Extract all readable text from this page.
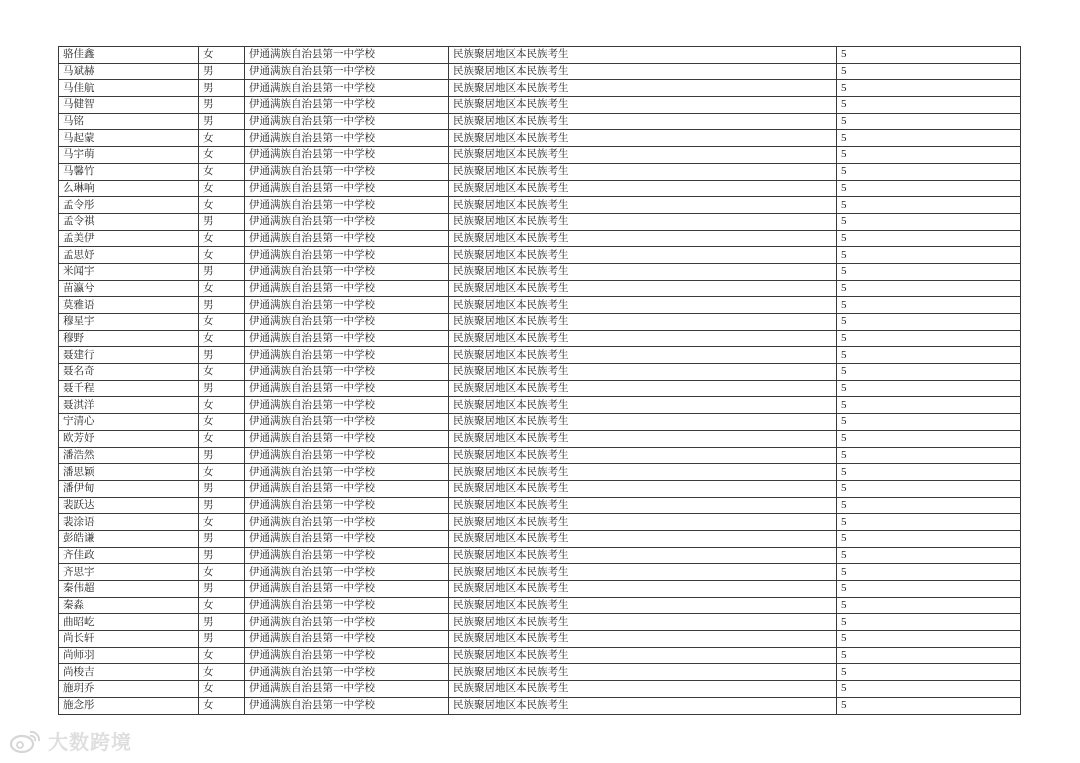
骆佳鑫	女	伊通满族自治县第一中学校	民族聚居地区本民族考生	5
马斌赫	男	伊通满族自治县第一中学校	民族聚居地区本民族考生	5
马佳航	男	伊通满族自治县第一中学校	民族聚居地区本民族考生	5
马健智	男	伊通满族自治县第一中学校	民族聚居地区本民族考生	5
马铭	男	伊通满族自治县第一中学校	民族聚居地区本民族考生	5
马起蒙	女	伊通满族自治县第一中学校	民族聚居地区本民族考生	5
马宇萌	女	伊通满族自治县第一中学校	民族聚居地区本民族考生	5
马馨竹	女	伊通满族自治县第一中学校	民族聚居地区本民族考生	5
么琳响	女	伊通满族自治县第一中学校	民族聚居地区本民族考生	5
孟令彤	女	伊通满族自治县第一中学校	民族聚居地区本民族考生	5
孟令祺	男	伊通满族自治县第一中学校	民族聚居地区本民族考生	5
孟美伊	女	伊通满族自治县第一中学校	民族聚居地区本民族考生	5
孟思妤	女	伊通满族自治县第一中学校	民族聚居地区本民族考生	5
米闻宇	男	伊通满族自治县第一中学校	民族聚居地区本民族考生	5
苗瀛兮	女	伊通满族自治县第一中学校	民族聚居地区本民族考生	5
莫雅语	男	伊通满族自治县第一中学校	民族聚居地区本民族考生	5
穆星宇	女	伊通满族自治县第一中学校	民族聚居地区本民族考生	5
穆野	女	伊通满族自治县第一中学校	民族聚居地区本民族考生	5
聂建行	男	伊通满族自治县第一中学校	民族聚居地区本民族考生	5
聂名奇	女	伊通满族自治县第一中学校	民族聚居地区本民族考生	5
聂千程	男	伊通满族自治县第一中学校	民族聚居地区本民族考生	5
聂淇洋	女	伊通满族自治县第一中学校	民族聚居地区本民族考生	5
宁清心	女	伊通满族自治县第一中学校	民族聚居地区本民族考生	5
欧芳妤	女	伊通满族自治县第一中学校	民族聚居地区本民族考生	5
潘浩然	男	伊通满族自治县第一中学校	民族聚居地区本民族考生	5
潘思颖	女	伊通满族自治县第一中学校	民族聚居地区本民族考生	5
潘伊甸	男	伊通满族自治县第一中学校	民族聚居地区本民族考生	5
裴跃达	男	伊通满族自治县第一中学校	民族聚居地区本民族考生	5
裴涂语	女	伊通满族自治县第一中学校	民族聚居地区本民族考生	5
彭皓谦	男	伊通满族自治县第一中学校	民族聚居地区本民族考生	5
齐佳政	男	伊通满族自治县第一中学校	民族聚居地区本民族考生	5
齐思宇	女	伊通满族自治县第一中学校	民族聚居地区本民族考生	5
秦伟超	男	伊通满族自治县第一中学校	民族聚居地区本民族考生	5
秦淼	女	伊通满族自治县第一中学校	民族聚居地区本民族考生	5
曲昭屹	男	伊通满族自治县第一中学校	民族聚居地区本民族考生	5
尚长轩	男	伊通满族自治县第一中学校	民族聚居地区本民族考生	5
尚师羽	女	伊通满族自治县第一中学校	民族聚居地区本民族考生	5
尚梭吉	女	伊通满族自治县第一中学校	民族聚居地区本民族考生	5
施玥乔	女	伊通满族自治县第一中学校	民族聚居地区本民族考生	5
施念彤	女	伊通满族自治县第一中学校	民族聚居地区本民族考生	5
大数跨境
